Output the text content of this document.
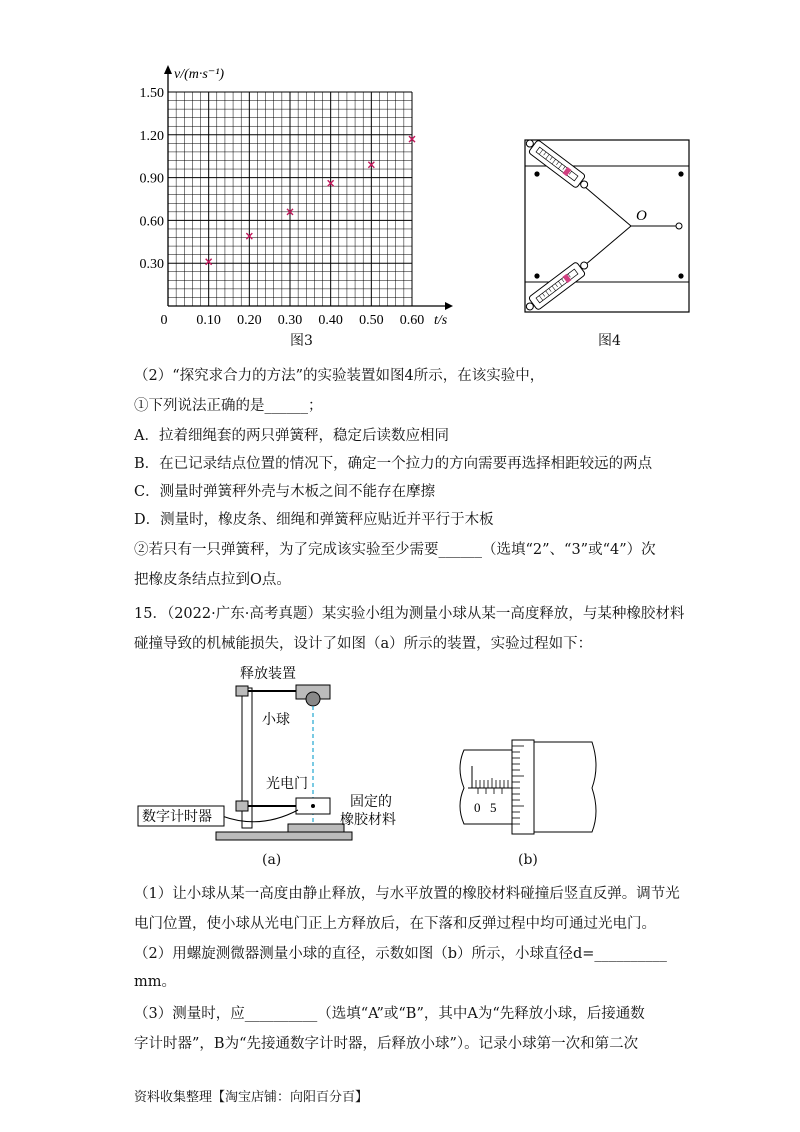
v/(m·s⁻¹)
t/s
1.50
1.20
0.90
0.60
0.30
0 0.10 0.20 0.30 0.40 0.50 0.60
图3
O
图4
（2）“探究求合力的方法”的实验装置如图4所示，在该实验中，
①下列说法正确的是______；
A．拉着细绳套的两只弹簧秤，稳定后读数应相同
B．在已记录结点位置的情况下，确定一个拉力的方向需要再选择相距较远的两点
C．测量时弹簧秤外壳与木板之间不能存在摩擦
D．测量时，橡皮条、细绳和弹簧秤应贴近并平行于木板
②若只有一只弹簧秤，为了完成该实验至少需要______（选填“2”、“3”或“4”）次
把橡皮条结点拉到O点。
15．（2022·广东·高考真题）某实验小组为测量小球从某一高度释放，与某种橡胶材料
碰撞导致的机械能损失，设计了如图（a）所示的装置，实验过程如下：
释放装置
小球
光电门
数字计时器
固定的
橡胶材料
(a)
0 5
(b)
（1）让小球从某一高度由静止释放，与水平放置的橡胶材料碰撞后竖直反弹。调节光
电门位置，使小球从光电门正上方释放后，在下落和反弹过程中均可通过光电门。
（2）用螺旋测微器测量小球的直径，示数如图（b）所示，小球直径d=__________
mm。
（3）测量时，应__________（选填“A”或“B”，其中A为“先释放小球，后接通数
字计时器”，B为“先接通数字计时器，后释放小球”）。记录小球第一次和第二次
资料收集整理【淘宝店铺：向阳百分百】
